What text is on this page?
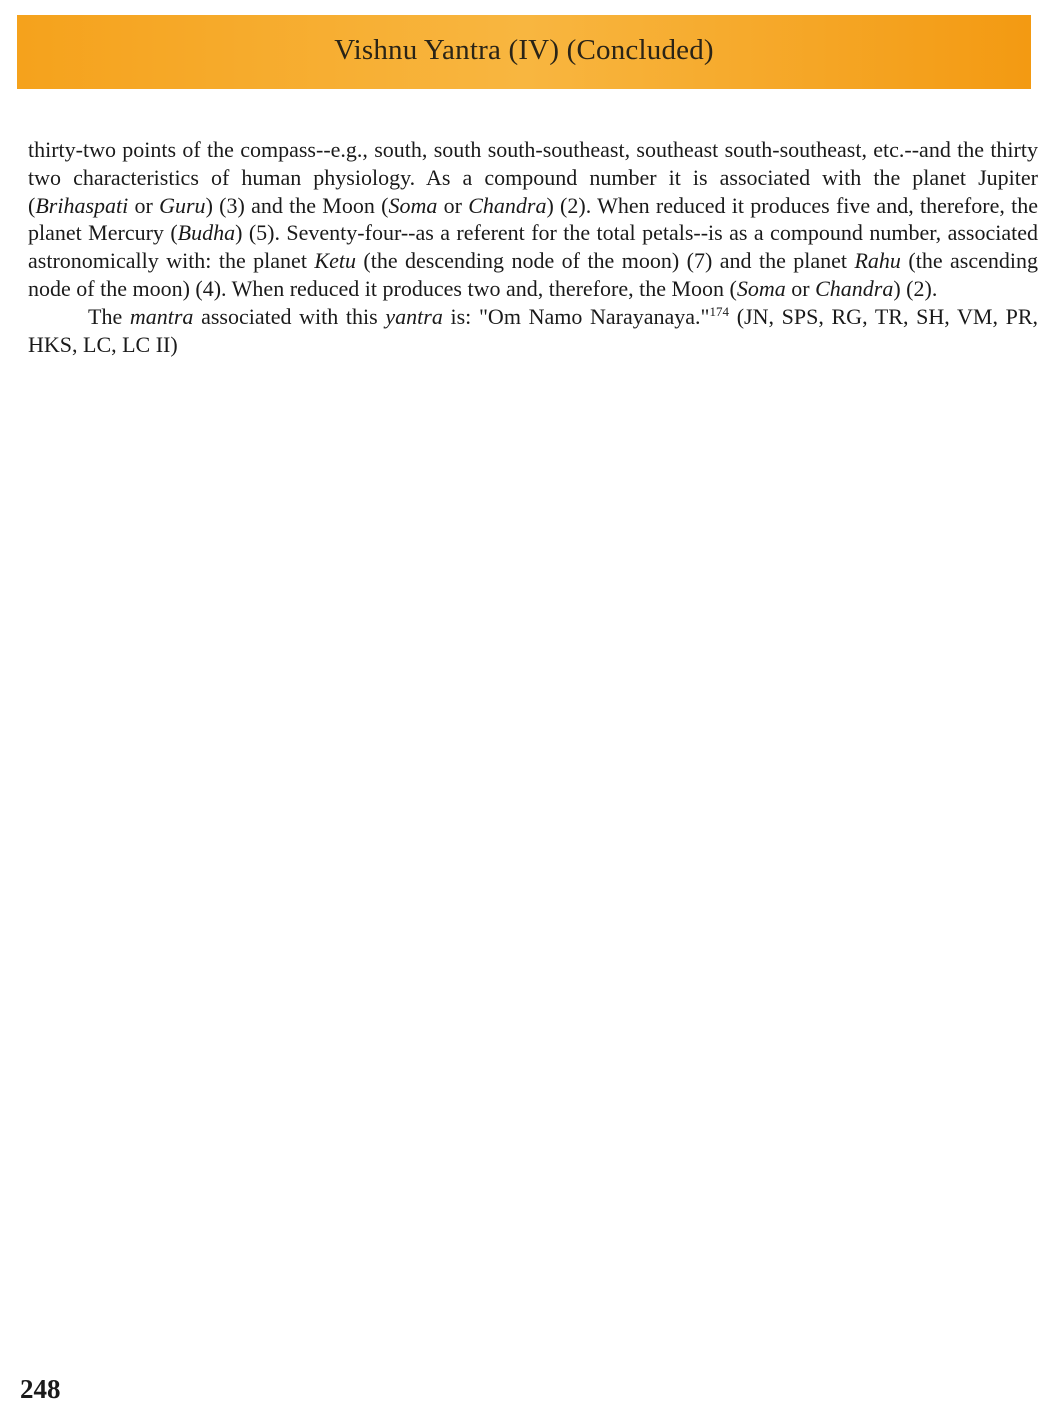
Vishnu Yantra (IV) (Concluded)

thirty-two points of the compass--e.g., south, south south-southeast, southeast south-southeast, etc.--and the thirty two characteristics of human physiology. As a compound number it is associated with the planet Jupiter (Brihaspati or Guru) (3) and the Moon (Soma or Chandra) (2). When reduced it produces five and, therefore, the planet Mercury (Budha) (5). Seventy-four--as a referent for the total petals--is as a compound number, associated astronomically with: the planet Ketu (the descending node of the moon) (7) and the planet Rahu (the ascending node of the moon) (4). When reduced it produces two and, therefore, the Moon (Soma or Chandra) (2).

The mantra associated with this yantra is: "Om Namo Narayanaya."$^{174}$ (JN, SPS, RG, TR, SH, VM, PR, HKS, LC, LC II)

248
